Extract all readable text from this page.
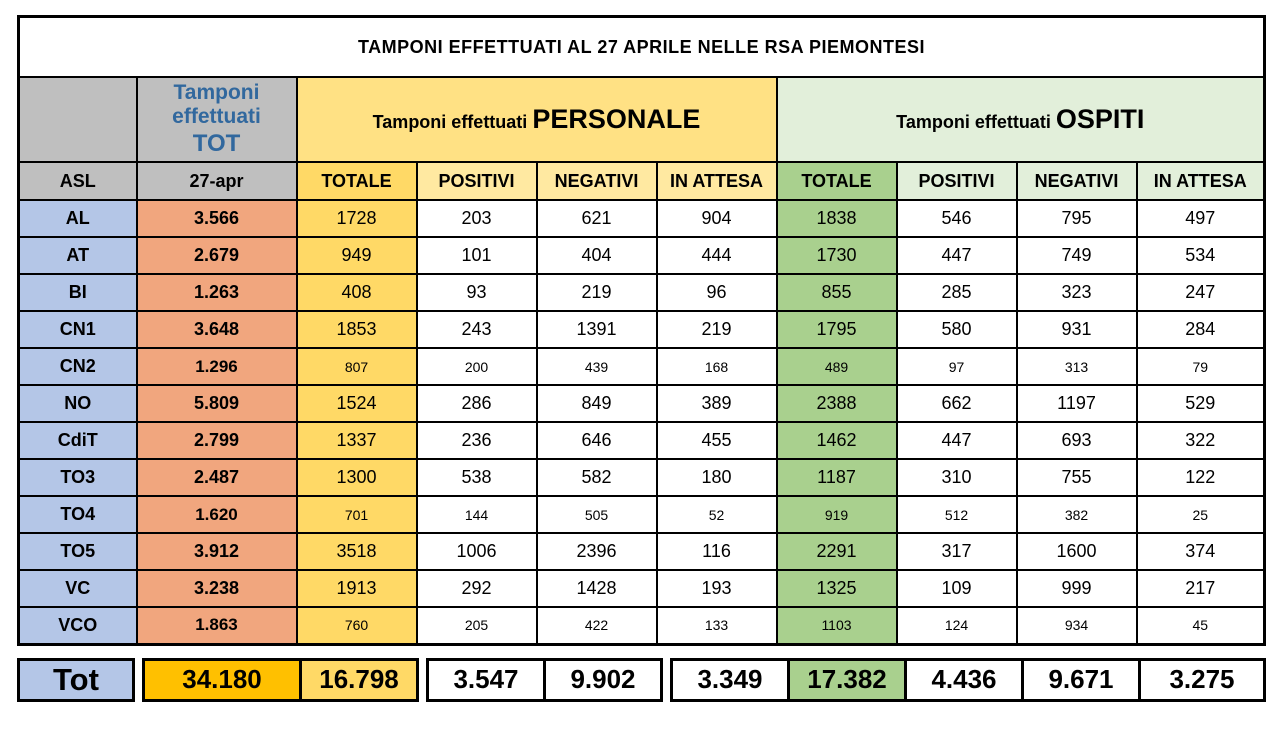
TAMPONI EFFETTUATI AL 27 APRILE NELLE RSA PIEMONTESI									

	Tamponi
effettuati
TOT	Tamponi effettuati PERSONALE				Tamponi effettuati OSPITI			
ASL	27-apr	TOTALE	POSITIVI	NEGATIVI	IN ATTESA	TOTALE	POSITIVI	NEGATIVI	IN ATTESA
AL	3.566	1728	203	621	904	1838	546	795	497
AT	2.679	949	101	404	444	1730	447	749	534
BI	1.263	408	93	219	96	855	285	323	247
CN1	3.648	1853	243	1391	219	1795	580	931	284
CN2	1.296	807	200	439	168	489	97	313	79
NO	5.809	1524	286	849	389	2388	662	1197	529
CdiT	2.799	1337	236	646	455	1462	447	693	322
TO3	2.487	1300	538	582	180	1187	310	755	122
TO4	1.620	701	144	505	52	919	512	382	25
TO5	3.912	3518	1006	2396	116	2291	317	1600	374
VC	3.238	1913	292	1428	193	1325	109	999	217
VCO	1.863	760	205	422	133	1103	124	934	45
Tot	34.180	16.798	3.547	9.902	3.349	17.382	4.436	9.671	3.275
